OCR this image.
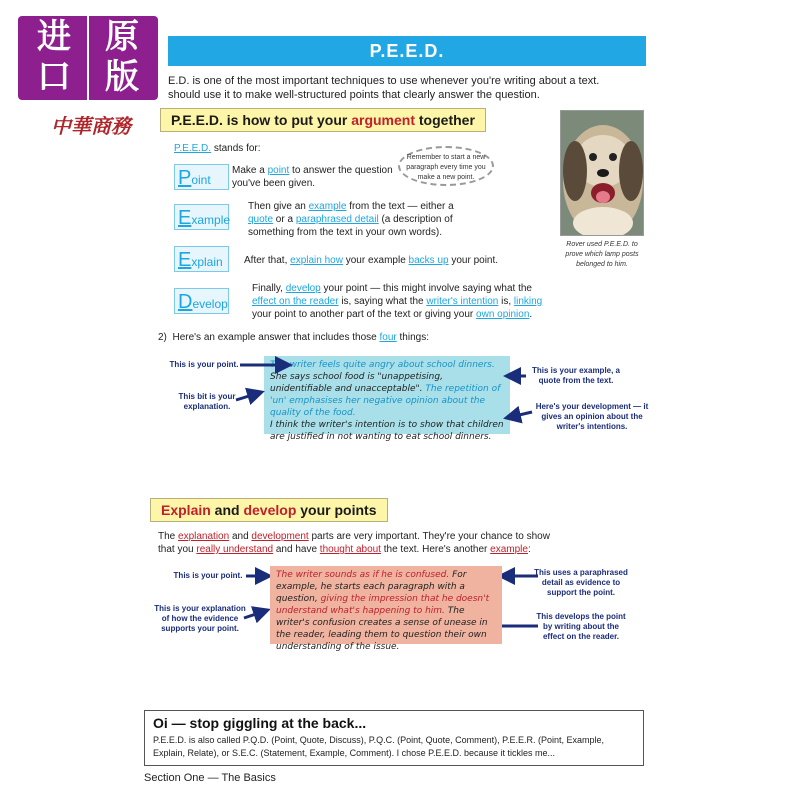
进	原
口	版
中華商務
P.E.E.D.
E.D. is one of the most important techniques to use whenever you're writing about a text.
should use it to make well-structured points that clearly answer the question.
P.E.E.D. is how to put your argument together
P.E.E.D. stands for:
Remember to start a new paragraph every time you make a new point.
Rover used P.E.E.D. to prove which lamp posts belonged to him.
Point
Make a point to answer the question you've been given.
Example
Then give an example from the text — either a quote or a paraphrased detail (a description of something from the text in your own words).
Explain	After that, explain how your example backs up your point.
Develop
Finally, develop your point — this might involve saying what the effect on the reader is, saying what the writer's intention is, linking your point to another part of the text or giving your own opinion.
2) Here's an example answer that includes those four things:
The writer feels quite angry about school dinners.
She says school food is "unappetising, unidentifiable and unacceptable". The repetition of 'un' emphasises her negative opinion about the quality of the food.
I think the writer's intention is to show that children are justified in not wanting to eat school dinners.
This is your point.
This bit is your explanation.
This is your example, a quote from the text.
Here's your development — it gives an opinion about the writer's intentions.
Explain and develop your points
The explanation and development parts are very important. They're your chance to show
that you really understand and have thought about the text. Here's another example:
The writer sounds as if he is confused. For example, he starts each paragraph with a question, giving the impression that he doesn't understand what's happening to him. The writer's confusion creates a sense of unease in the reader, leading them to question their own understanding of the issue.
This is your point.
This is your explanation of how the evidence supports your point.
This uses a paraphrased detail as evidence to support the point.
This develops the point by writing about the effect on the reader.
Oi — stop giggling at the back...
P.E.E.D. is also called P.Q.D. (Point, Quote, Discuss), P.Q.C. (Point, Quote, Comment), P.E.E.R. (Point, Example, Explain, Relate), or S.E.C. (Statement, Example, Comment). I chose P.E.E.D. because it tickles me...
Section One — The Basics
